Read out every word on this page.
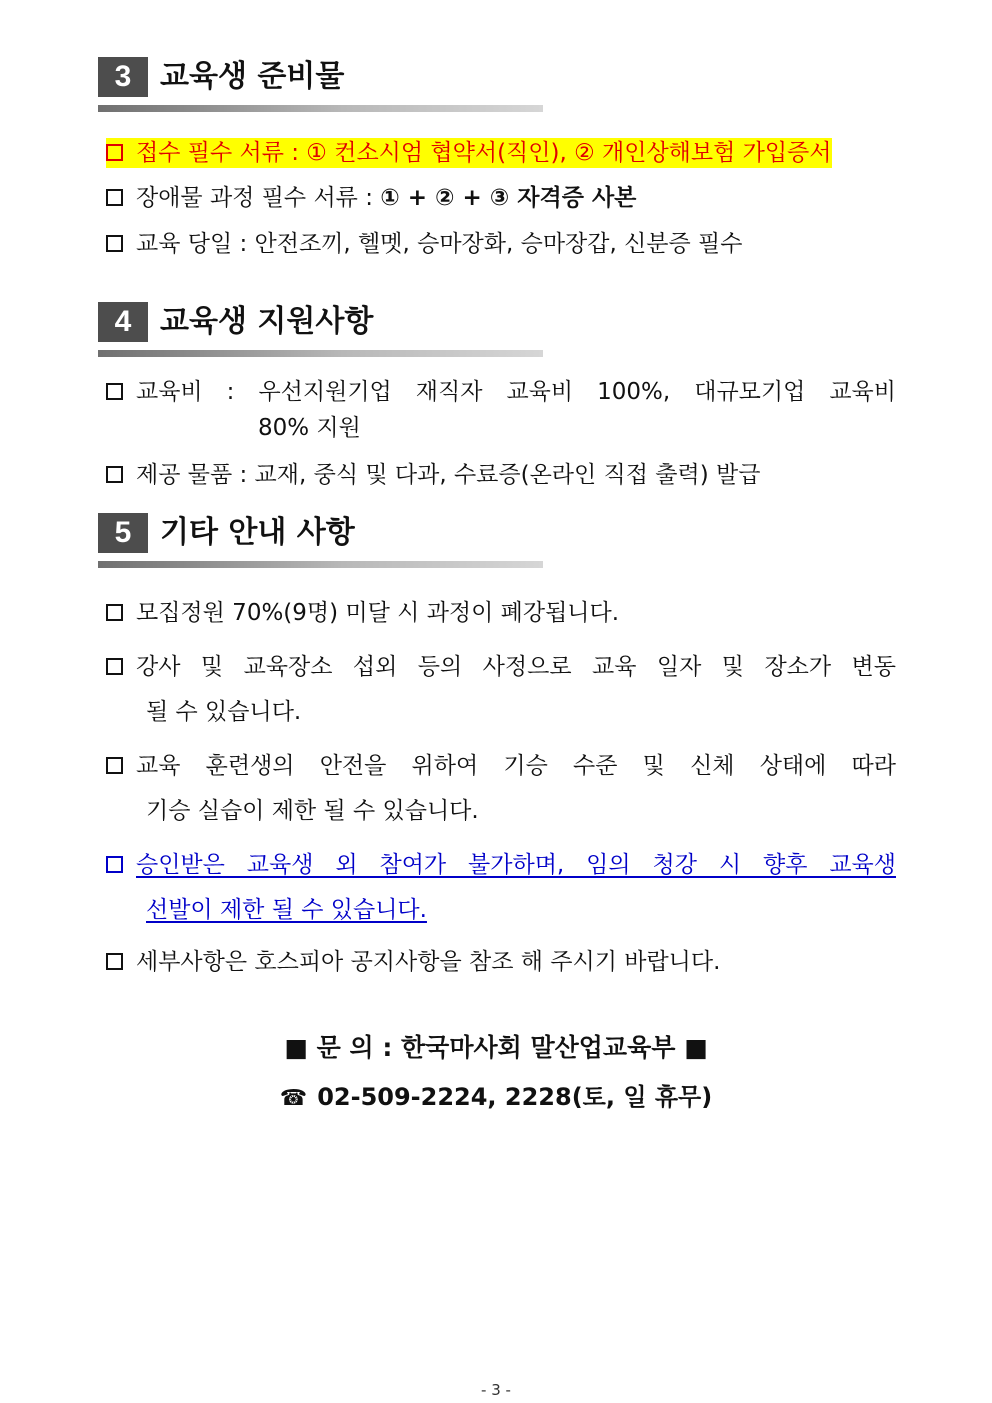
3 교육생 준비물
접수 필수 서류 : ① 컨소시엄 협약서(직인), ② 개인상해보험 가입증서
장애물 과정 필수 서류 : ① + ② + ③ 자격증 사본
교육 당일 : 안전조끼, 헬멧, 승마장화, 승마장갑, 신분증 필수
4 교육생 지원사항
교육비 : 우선지원기업 재직자 교육비 100%, 대규모기업 교육비
80% 지원
제공 물품 : 교재, 중식 및 다과, 수료증(온라인 직접 출력) 발급
5 기타 안내 사항
모집정원 70%(9명) 미달 시 과정이 폐강됩니다.
강사 및 교육장소 섭외 등의 사정으로 교육 일자 및 장소가 변동
될 수 있습니다.
교육 훈련생의 안전을 위하여 기승 수준 및 신체 상태에 따라
기승 실습이 제한 될 수 있습니다.
승인받은 교육생 외 참여가 불가하며, 임의 청강 시 향후 교육생
선발이 제한 될 수 있습니다.
세부사항은 호스피아 공지사항을 참조 해 주시기 바랍니다.
■ 문 의 : 한국마사회 말산업교육부 ■
☎ 02-509-2224, 2228(토, 일 휴무)
- 3 -
